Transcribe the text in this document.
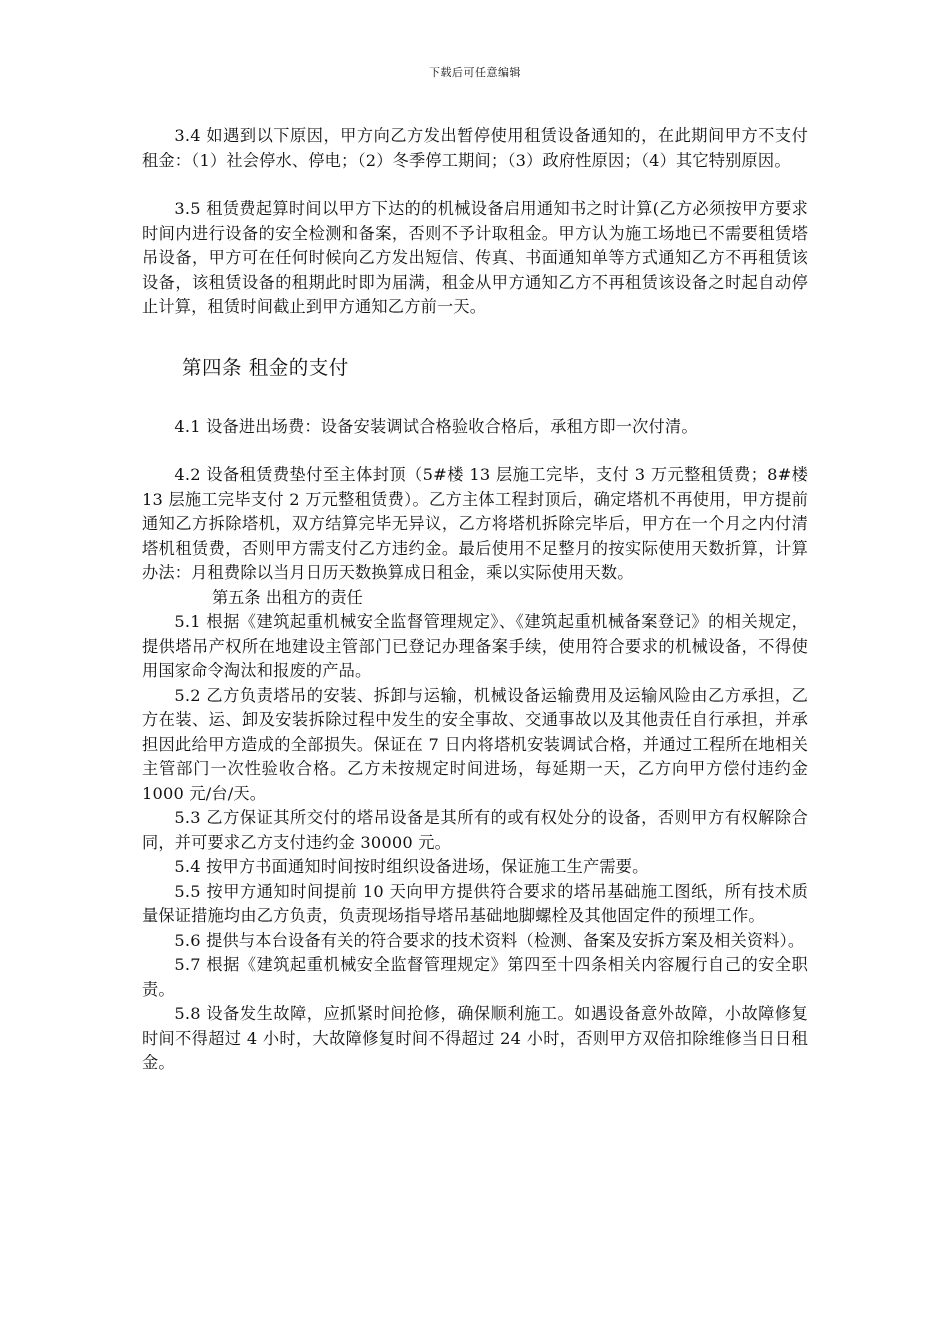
下载后可任意编辑

3.4 如遇到以下原因，甲方向乙方发出暂停使用租赁设备通知的，在此期间甲方不支付租金：（1）社会停水、停电；（2）冬季停工期间；（3）政府性原因；（4）其它特别原因。

3.5 租赁费起算时间以甲方下达的的机械设备启用通知书之时计算(乙方必须按甲方要求时间内进行设备的安全检测和备案，否则不予计取租金。甲方认为施工场地已不需要租赁塔吊设备，甲方可在任何时候向乙方发出短信、传真、书面通知单等方式通知乙方不再租赁该设备，该租赁设备的租期此时即为届满，租金从甲方通知乙方不再租赁该设备之时起自动停止计算，租赁时间截止到甲方通知乙方前一天。

第四条 租金的支付

4.1 设备进出场费：设备安装调试合格验收合格后，承租方即一次付清。

4.2 设备租赁费垫付至主体封顶（5#楼 13 层施工完毕，支付 3 万元整租赁费；8#楼 13 层施工完毕支付 2 万元整租赁费）。乙方主体工程封顶后，确定塔机不再使用，甲方提前通知乙方拆除塔机，双方结算完毕无异议，乙方将塔机拆除完毕后，甲方在一个月之内付清塔机租赁费，否则甲方需支付乙方违约金。最后使用不足整月的按实际使用天数折算，计算办法：月租费除以当月日历天数换算成日租金，乘以实际使用天数。

第五条 出租方的责任

5.1 根据《建筑起重机械安全监督管理规定》、《建筑起重机械备案登记》的相关规定，提供塔吊产权所在地建设主管部门已登记办理备案手续，使用符合要求的机械设备，不得使用国家命令淘汰和报废的产品。

5.2 乙方负责塔吊的安装、拆卸与运输，机械设备运输费用及运输风险由乙方承担，乙方在装、运、卸及安装拆除过程中发生的安全事故、交通事故以及其他责任自行承担，并承担因此给甲方造成的全部损失。保证在 7 日内将塔机安装调试合格，并通过工程所在地相关主管部门一次性验收合格。乙方未按规定时间进场，每延期一天，乙方向甲方偿付违约金 1000 元/台/天。

5.3 乙方保证其所交付的塔吊设备是其所有的或有权处分的设备，否则甲方有权解除合同，并可要求乙方支付违约金 30000 元。

5.4 按甲方书面通知时间按时组织设备进场，保证施工生产需要。

5.5 按甲方通知时间提前 10 天向甲方提供符合要求的塔吊基础施工图纸，所有技术质量保证措施均由乙方负责，负责现场指导塔吊基础地脚螺栓及其他固定件的预埋工作。

5.6 提供与本台设备有关的符合要求的技术资料（检测、备案及安拆方案及相关资料）。

5.7 根据《建筑起重机械安全监督管理规定》第四至十四条相关内容履行自己的安全职责。

5.8 设备发生故障，应抓紧时间抢修，确保顺利施工。如遇设备意外故障，小故障修复时间不得超过 4 小时，大故障修复时间不得超过 24 小时，否则甲方双倍扣除维修当日日租金。
